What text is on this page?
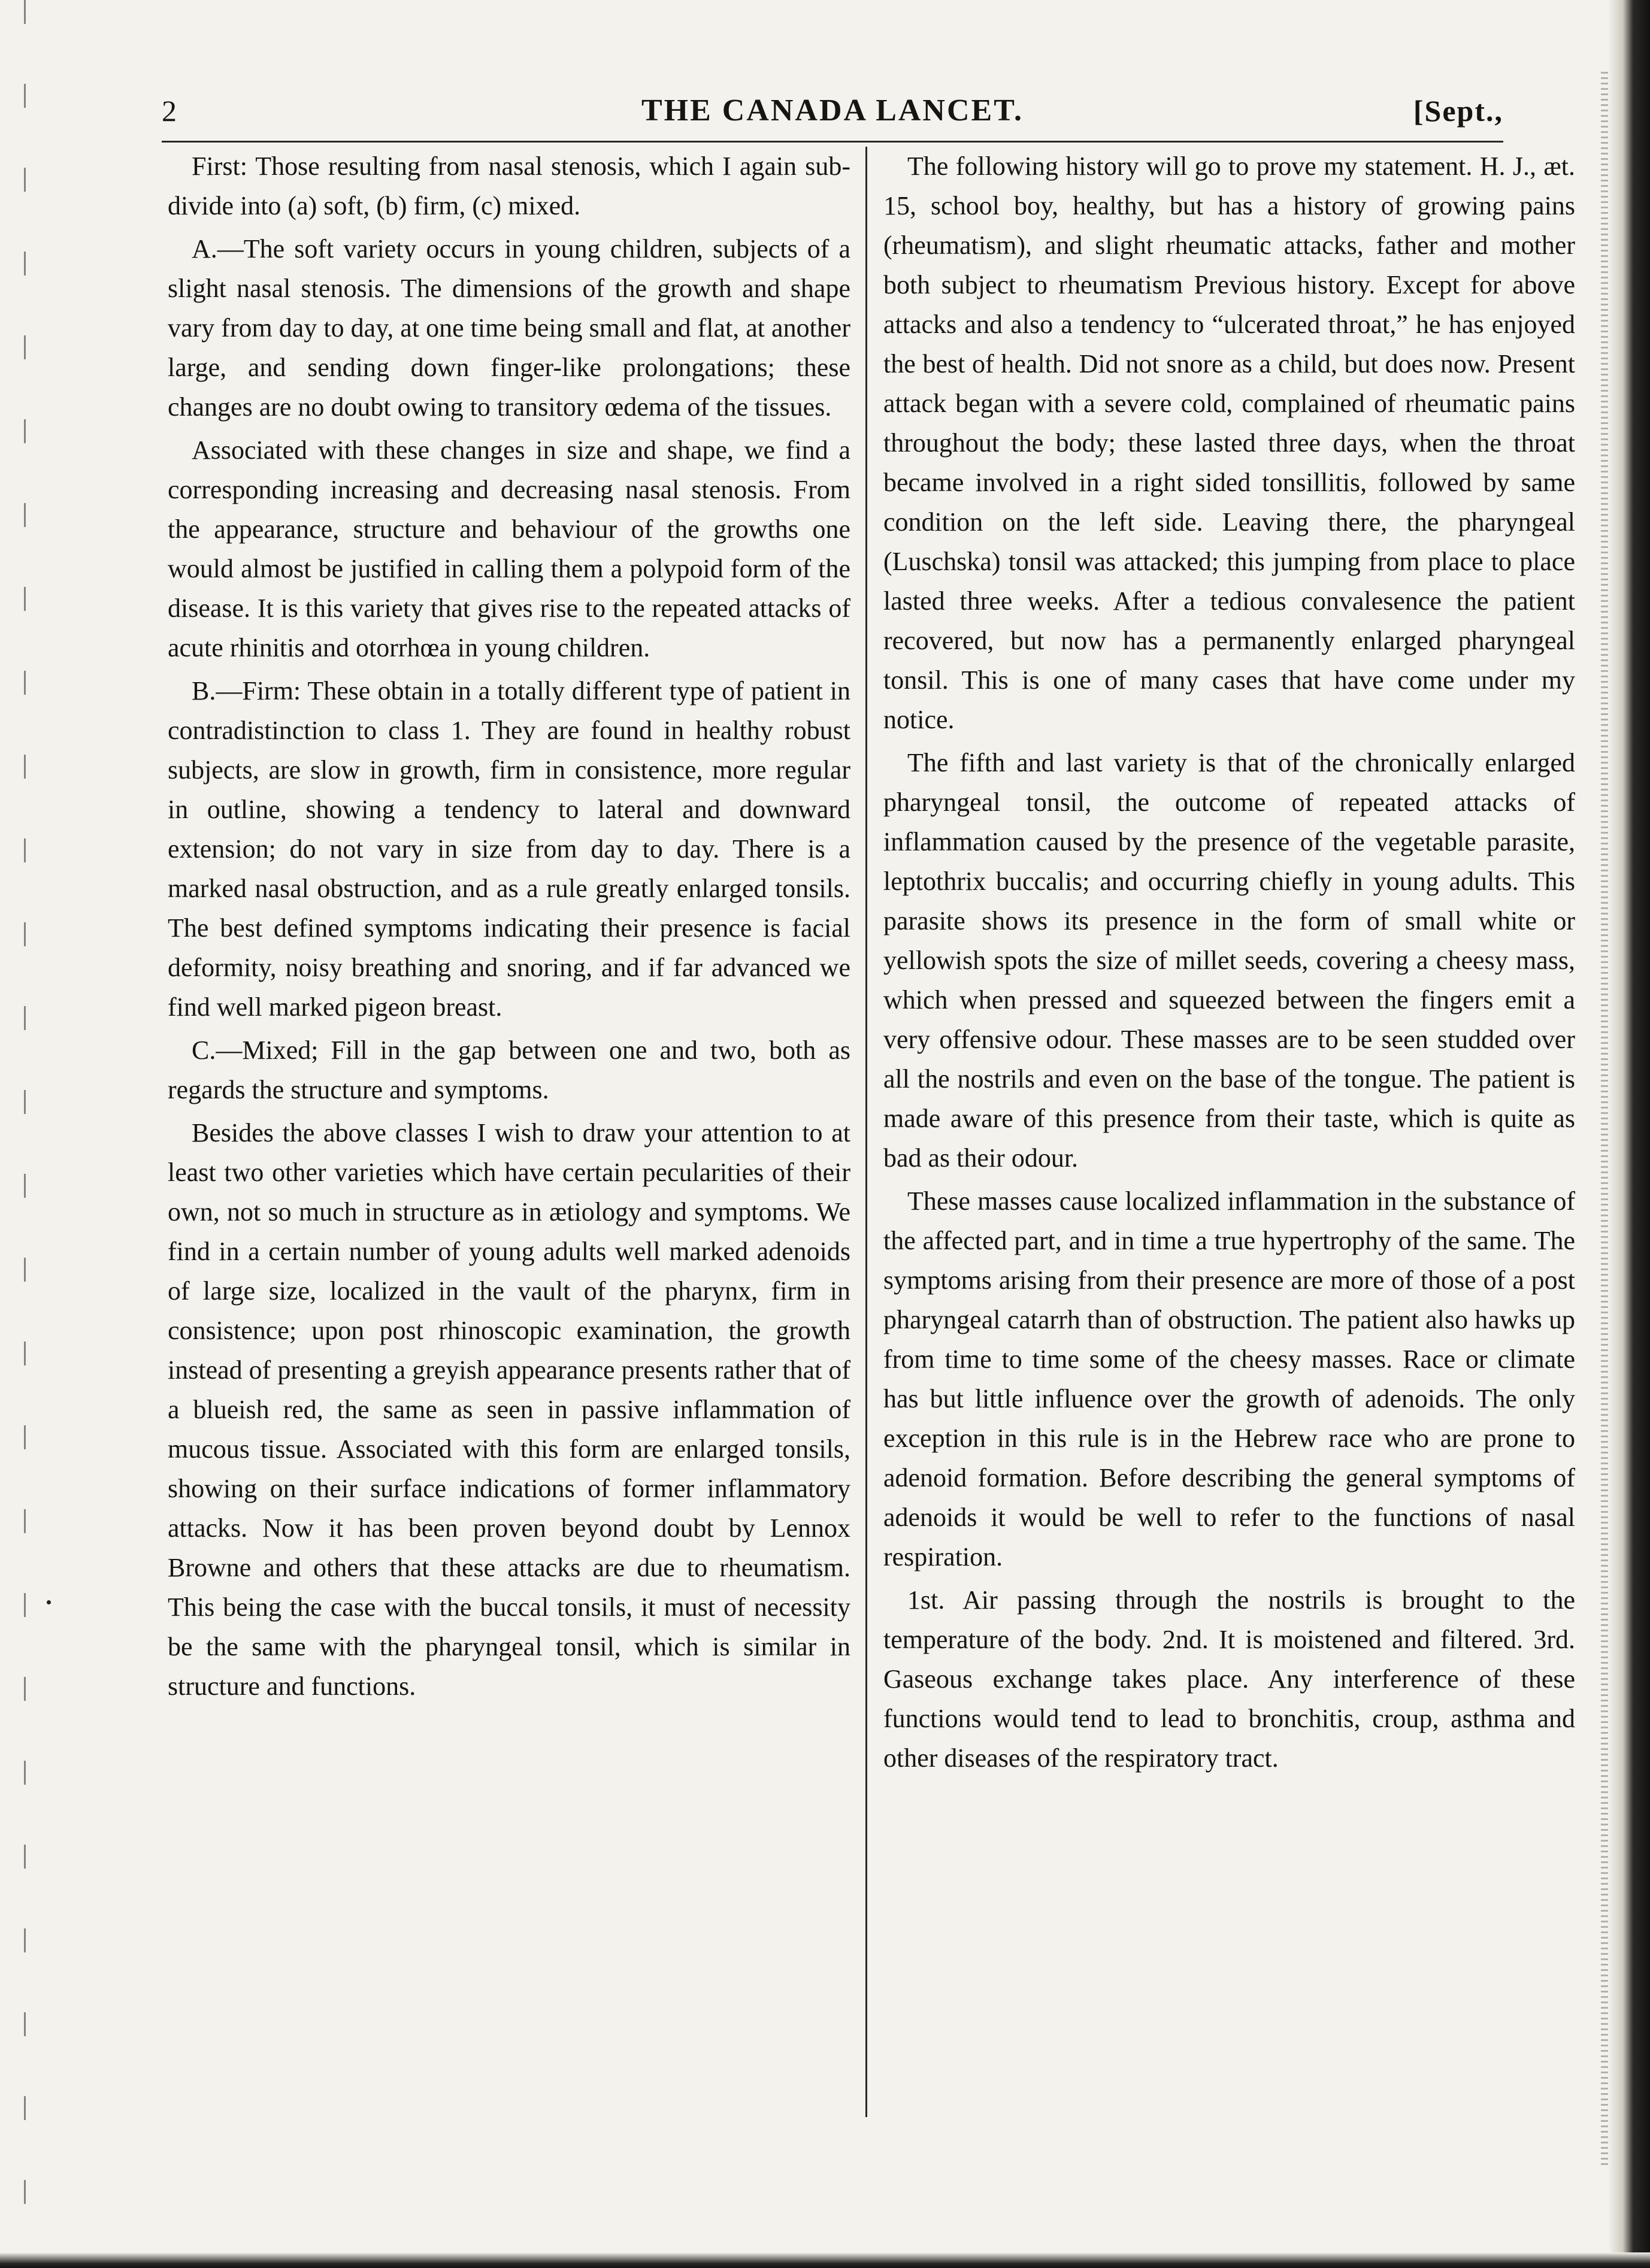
2	THE CANADA LANCET.	[Sept.,

First: Those resulting from nasal stenosis, which I again sub-divide into (a) soft, (b) firm, (c) mixed.

A.—The soft variety occurs in young children, subjects of a slight nasal stenosis. The dimensions of the growth and shape vary from day to day, at one time being small and flat, at another large, and sending down finger-like prolongations; these changes are no doubt owing to transitory œdema of the tissues.

Associated with these changes in size and shape, we find a corresponding increasing and decreasing nasal stenosis. From the appearance, structure and behaviour of the growths one would almost be justified in calling them a polypoid form of the disease. It is this variety that gives rise to the repeated attacks of acute rhinitis and otorrhœa in young children.

B.—Firm: These obtain in a totally different type of patient in contradistinction to class 1. They are found in healthy robust subjects, are slow in growth, firm in consistence, more regular in outline, showing a tendency to lateral and downward extension; do not vary in size from day to day. There is a marked nasal obstruction, and as a rule greatly enlarged tonsils. The best defined symptoms indicating their presence is facial deformity, noisy breathing and snoring, and if far advanced we find well marked pigeon breast.

C.—Mixed; Fill in the gap between one and two, both as regards the structure and symptoms.

Besides the above classes I wish to draw your attention to at least two other varieties which have certain pecularities of their own, not so much in structure as in ætiology and symptoms. We find in a certain number of young adults well marked adenoids of large size, localized in the vault of the pharynx, firm in consistence; upon post rhinoscopic examination, the growth instead of presenting a greyish appearance presents rather that of a blueish red, the same as seen in passive inflammation of mucous tissue. Associated with this form are enlarged tonsils, showing on their surface indications of former inflammatory attacks. Now it has been proven beyond doubt by Lennox Browne and others that these attacks are due to rheumatism. This being the case with the buccal tonsils, it must of necessity be the same with the pharyngeal tonsil, which is similar in structure and functions.

The following history will go to prove my statement. H. J., æt. 15, school boy, healthy, but has a history of growing pains (rheumatism), and slight rheumatic attacks, father and mother both subject to rheumatism Previous history. Except for above attacks and also a tendency to “ulcerated throat,” he has enjoyed the best of health. Did not snore as a child, but does now. Present attack began with a severe cold, complained of rheumatic pains throughout the body; these lasted three days, when the throat became involved in a right sided tonsillitis, followed by same condition on the left side. Leaving there, the pharyngeal (Luschska) tonsil was attacked; this jumping from place to place lasted three weeks. After a tedious convalesence the patient recovered, but now has a permanently enlarged pharyngeal tonsil. This is one of many cases that have come under my notice.

The fifth and last variety is that of the chronically enlarged pharyngeal tonsil, the outcome of repeated attacks of inflammation caused by the presence of the vegetable parasite, leptothrix buccalis; and occurring chiefly in young adults. This parasite shows its presence in the form of small white or yellowish spots the size of millet seeds, covering a cheesy mass, which when pressed and squeezed between the fingers emit a very offensive odour. These masses are to be seen studded over all the nostrils and even on the base of the tongue. The patient is made aware of this presence from their taste, which is quite as bad as their odour.

These masses cause localized inflammation in the substance of the affected part, and in time a true hypertrophy of the same. The symptoms arising from their presence are more of those of a post pharyngeal catarrh than of obstruction. The patient also hawks up from time to time some of the cheesy masses. Race or climate has but little influence over the growth of adenoids. The only exception in this rule is in the Hebrew race who are prone to adenoid formation. Before describing the general symptoms of adenoids it would be well to refer to the functions of nasal respiration.

1st. Air passing through the nostrils is brought to the temperature of the body. 2nd. It is moistened and filtered. 3rd. Gaseous exchange takes place. Any interference of these functions would tend to lead to bronchitis, croup, asthma and other diseases of the respiratory tract.
